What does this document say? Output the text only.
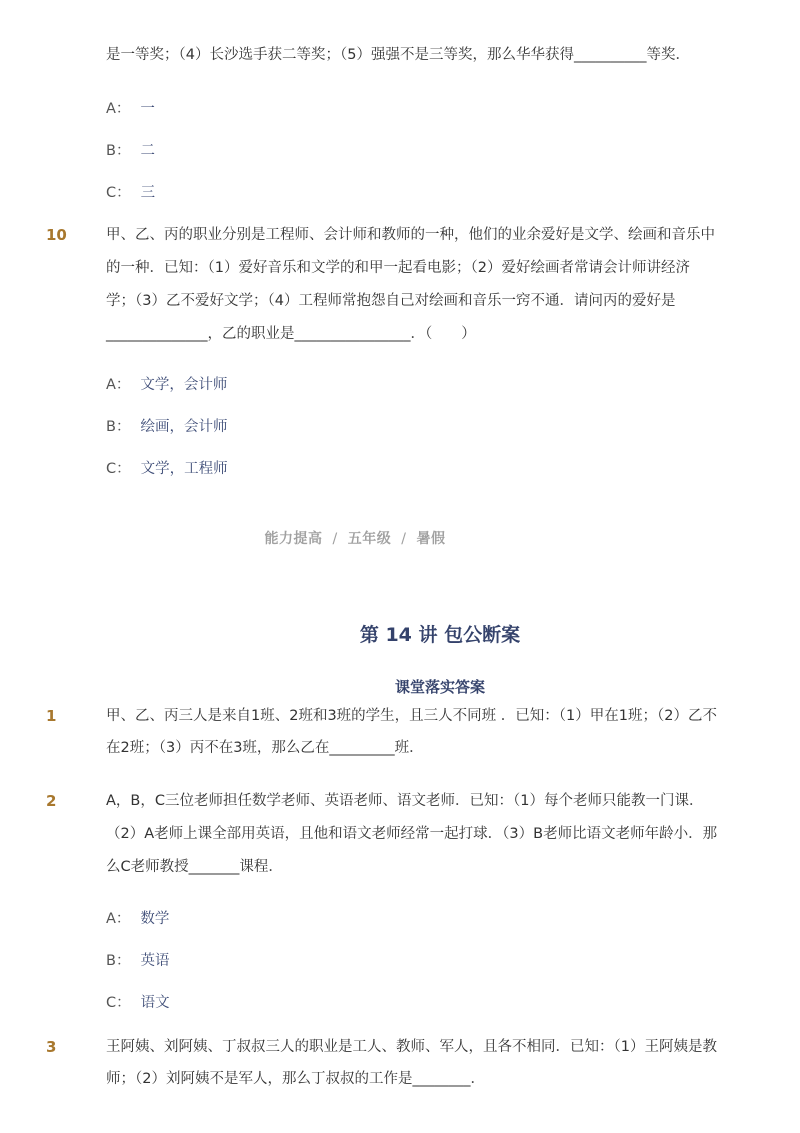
是一等奖；（4）长沙选手获二等奖；（5）强强不是三等奖，那么华华获得__________等奖．
A： 一
B： 二
C： 三
10	甲、乙、丙的职业分别是工程师、会计师和教师的一种，他们的业余爱好是文学、绘画和音乐中
的一种．已知：（1）爱好音乐和文学的和甲一起看电影；（2）爱好绘画者常请会计师讲经济
学；（3）乙不爱好文学；（4）工程师常抱怨自己对绘画和音乐一窍不通．请问丙的爱好是
______________，乙的职业是________________．（　　）
A： 文学，会计师
B： 绘画，会计师
C： 文学，工程师
能力提高 / 五年级 / 暑假
第 14 讲 包公断案
课堂落实答案
1	甲、乙、丙三人是来自1班、2班和3班的学生，且三人不同班 ．已知：（1）甲在1班；（2）乙不
在2班；（3）丙不在3班，那么乙在_________班．
2	A，B，C三位老师担任数学老师、英语老师、语文老师．已知：（1）每个老师只能教一门课．
（2）A老师上课全部用英语，且他和语文老师经常一起打球．（3）B老师比语文老师年龄小．那
么C老师教授_______课程．
A： 数学
B： 英语
C： 语文
3	王阿姨、刘阿姨、丁叔叔三人的职业是工人、教师、军人，且各不相同．已知：（1）王阿姨是教
师；（2）刘阿姨不是军人，那么丁叔叔的工作是________．
